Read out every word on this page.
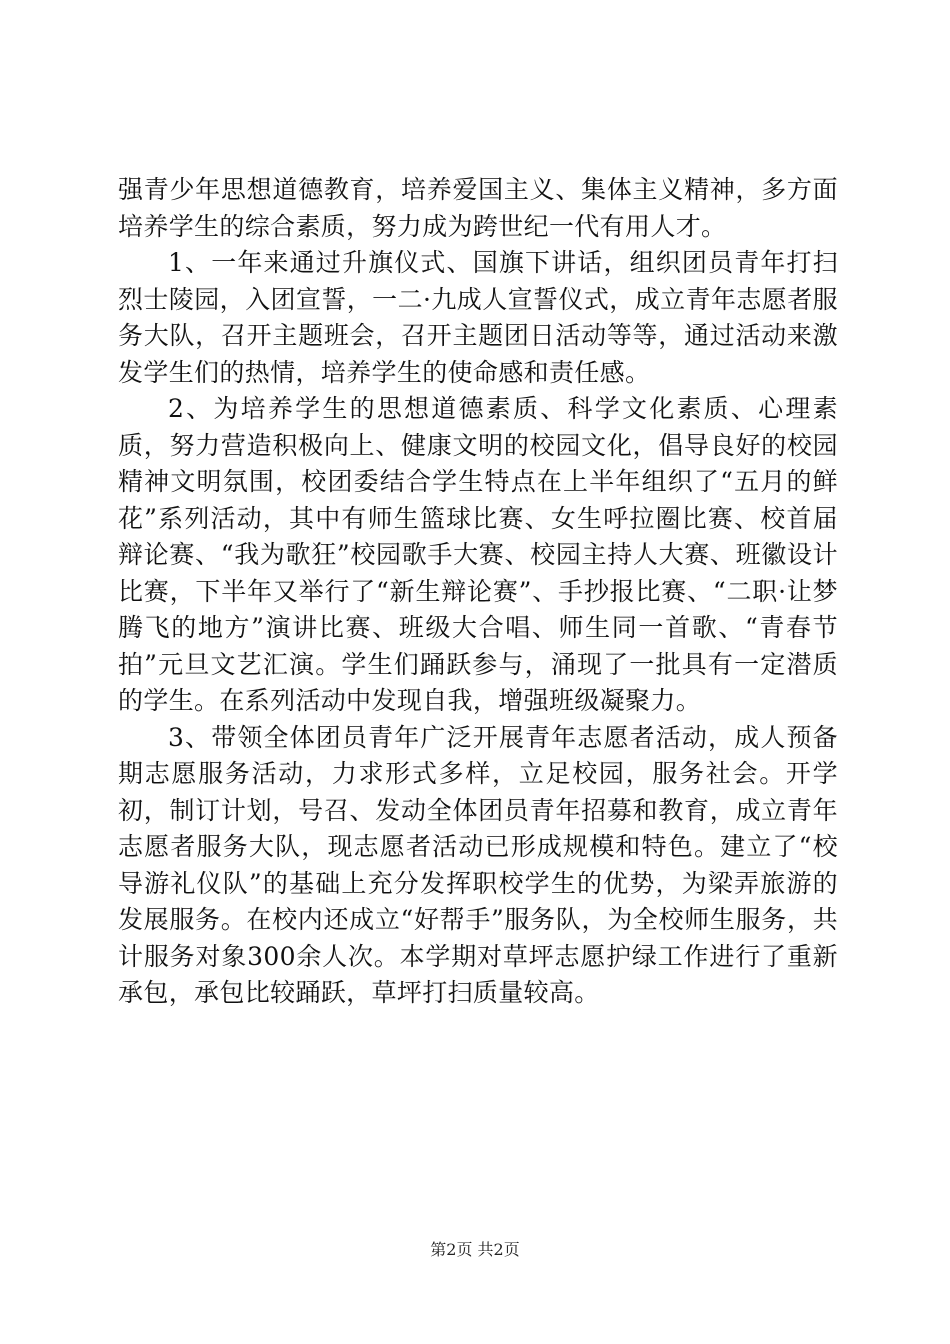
强青少年思想道德教育，培养爱国主义、集体主义精神，多方面培养学生的综合素质，努力成为跨世纪一代有用人才。

1、一年来通过升旗仪式、国旗下讲话，组织团员青年打扫烈士陵园，入团宣誓，一二·九成人宣誓仪式，成立青年志愿者服务大队，召开主题班会，召开主题团日活动等等，通过活动来激发学生们的热情，培养学生的使命感和责任感。

2、为培养学生的思想道德素质、科学文化素质、心理素质，努力营造积极向上、健康文明的校园文化，倡导良好的校园精神文明氛围，校团委结合学生特点在上半年组织了“五月的鲜花”系列活动，其中有师生篮球比赛、女生呼拉圈比赛、校首届辩论赛、“我为歌狂”校园歌手大赛、校园主持人大赛、班徽设计比赛，下半年又举行了“新生辩论赛”、手抄报比赛、“二职·让梦腾飞的地方”演讲比赛、班级大合唱、师生同一首歌、“青春节拍”元旦文艺汇演。学生们踊跃参与，涌现了一批具有一定潜质的学生。在系列活动中发现自我，增强班级凝聚力。

3、带领全体团员青年广泛开展青年志愿者活动，成人预备期志愿服务活动，力求形式多样，立足校园，服务社会。开学初，制订计划，号召、发动全体团员青年招募和教育，成立青年志愿者服务大队，现志愿者活动已形成规模和特色。建立了“校导游礼仪队”的基础上充分发挥职校学生的优势，为梁弄旅游的发展服务。在校内还成立“好帮手”服务队，为全校师生服务，共计服务对象300余人次。本学期对草坪志愿护绿工作进行了重新承包，承包比较踊跃，草坪打扫质量较高。

第2页 共2页
